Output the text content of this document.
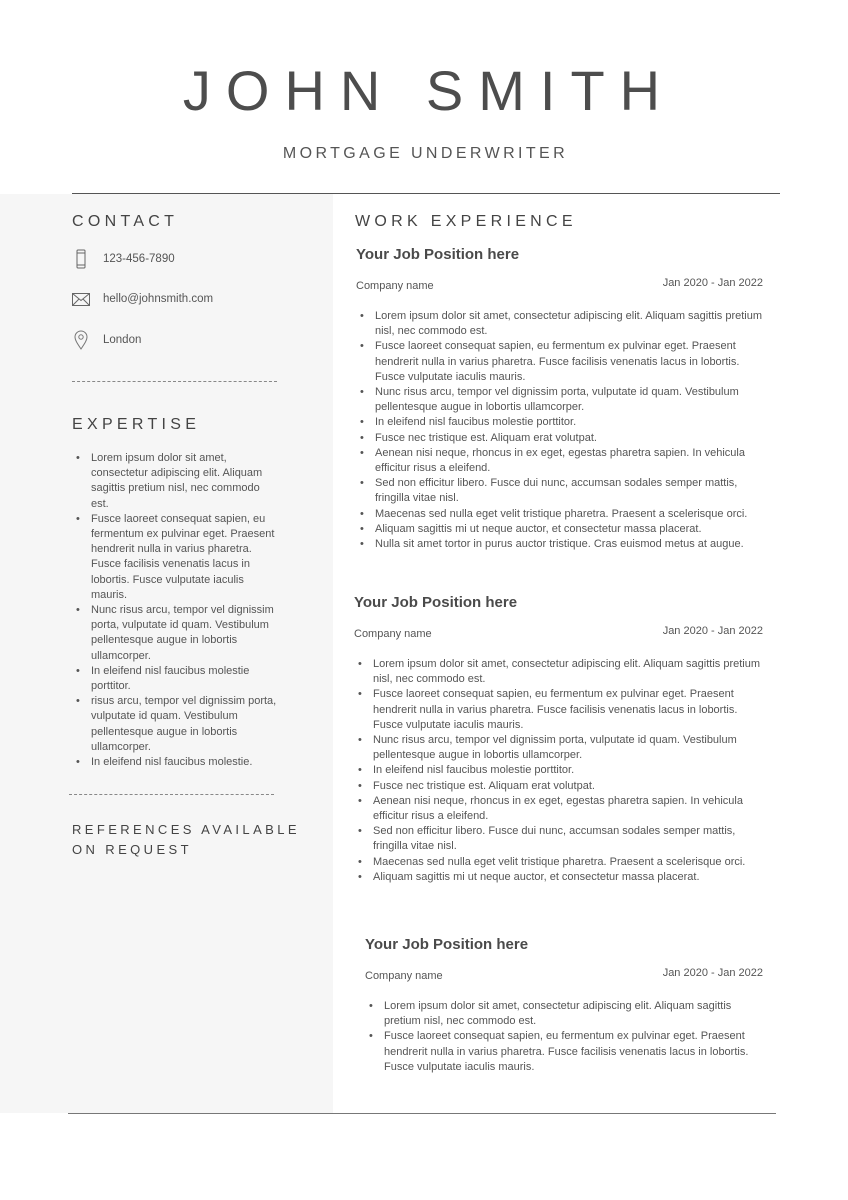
JOHN SMITH
MORTGAGE UNDERWRITER
CONTACT
123-456-7890
hello@johnsmith.com
London
EXPERTISE
• Lorem ipsum dolor sit amet, consectetur adipiscing elit. Aliquam sagittis pretium nisl, nec commodo est.
• Fusce laoreet consequat sapien, eu fermentum ex pulvinar eget. Praesent hendrerit nulla in varius pharetra. Fusce facilisis venenatis lacus in lobortis. Fusce vulputate iaculis mauris.
• Nunc risus arcu, tempor vel dignissim porta, vulputate id quam. Vestibulum pellentesque augue in lobortis ullamcorper.
• In eleifend nisl faucibus molestie porttitor.
• risus arcu, tempor vel dignissim porta, vulputate id quam. Vestibulum pellentesque augue in lobortis ullamcorper.
• In eleifend nisl faucibus molestie.
REFERENCES AVAILABLE
ON REQUEST
WORK EXPERIENCE
Your Job Position here
Company name	Jan 2020 - Jan 2022
• Lorem ipsum dolor sit amet, consectetur adipiscing elit. Aliquam sagittis pretium nisl, nec commodo est.
• Fusce laoreet consequat sapien, eu fermentum ex pulvinar eget. Praesent hendrerit nulla in varius pharetra. Fusce facilisis venenatis lacus in lobortis. Fusce vulputate iaculis mauris.
• Nunc risus arcu, tempor vel dignissim porta, vulputate id quam. Vestibulum pellentesque augue in lobortis ullamcorper.
• In eleifend nisl faucibus molestie porttitor.
• Fusce nec tristique est. Aliquam erat volutpat.
• Aenean nisi neque, rhoncus in ex eget, egestas pharetra sapien. In vehicula efficitur risus a eleifend.
• Sed non efficitur libero. Fusce dui nunc, accumsan sodales semper mattis, fringilla vitae nisl.
• Maecenas sed nulla eget velit tristique pharetra. Praesent a scelerisque orci.
• Aliquam sagittis mi ut neque auctor, et consectetur massa placerat.
• Nulla sit amet tortor in purus auctor tristique. Cras euismod metus at augue.
Your Job Position here
Company name	Jan 2020 - Jan 2022
• Lorem ipsum dolor sit amet, consectetur adipiscing elit. Aliquam sagittis pretium nisl, nec commodo est.
• Fusce laoreet consequat sapien, eu fermentum ex pulvinar eget. Praesent hendrerit nulla in varius pharetra. Fusce facilisis venenatis lacus in lobortis. Fusce vulputate iaculis mauris.
• Nunc risus arcu, tempor vel dignissim porta, vulputate id quam. Vestibulum pellentesque augue in lobortis ullamcorper.
• In eleifend nisl faucibus molestie porttitor.
• Fusce nec tristique est. Aliquam erat volutpat.
• Aenean nisi neque, rhoncus in ex eget, egestas pharetra sapien. In vehicula efficitur risus a eleifend.
• Sed non efficitur libero. Fusce dui nunc, accumsan sodales semper mattis, fringilla vitae nisl.
• Maecenas sed nulla eget velit tristique pharetra. Praesent a scelerisque orci.
• Aliquam sagittis mi ut neque auctor, et consectetur massa placerat.
Your Job Position here
Company name	Jan 2020 - Jan 2022
• Lorem ipsum dolor sit amet, consectetur adipiscing elit. Aliquam sagittis pretium nisl, nec commodo est.
• Fusce laoreet consequat sapien, eu fermentum ex pulvinar eget. Praesent hendrerit nulla in varius pharetra. Fusce facilisis venenatis lacus in lobortis. Fusce vulputate iaculis mauris.
